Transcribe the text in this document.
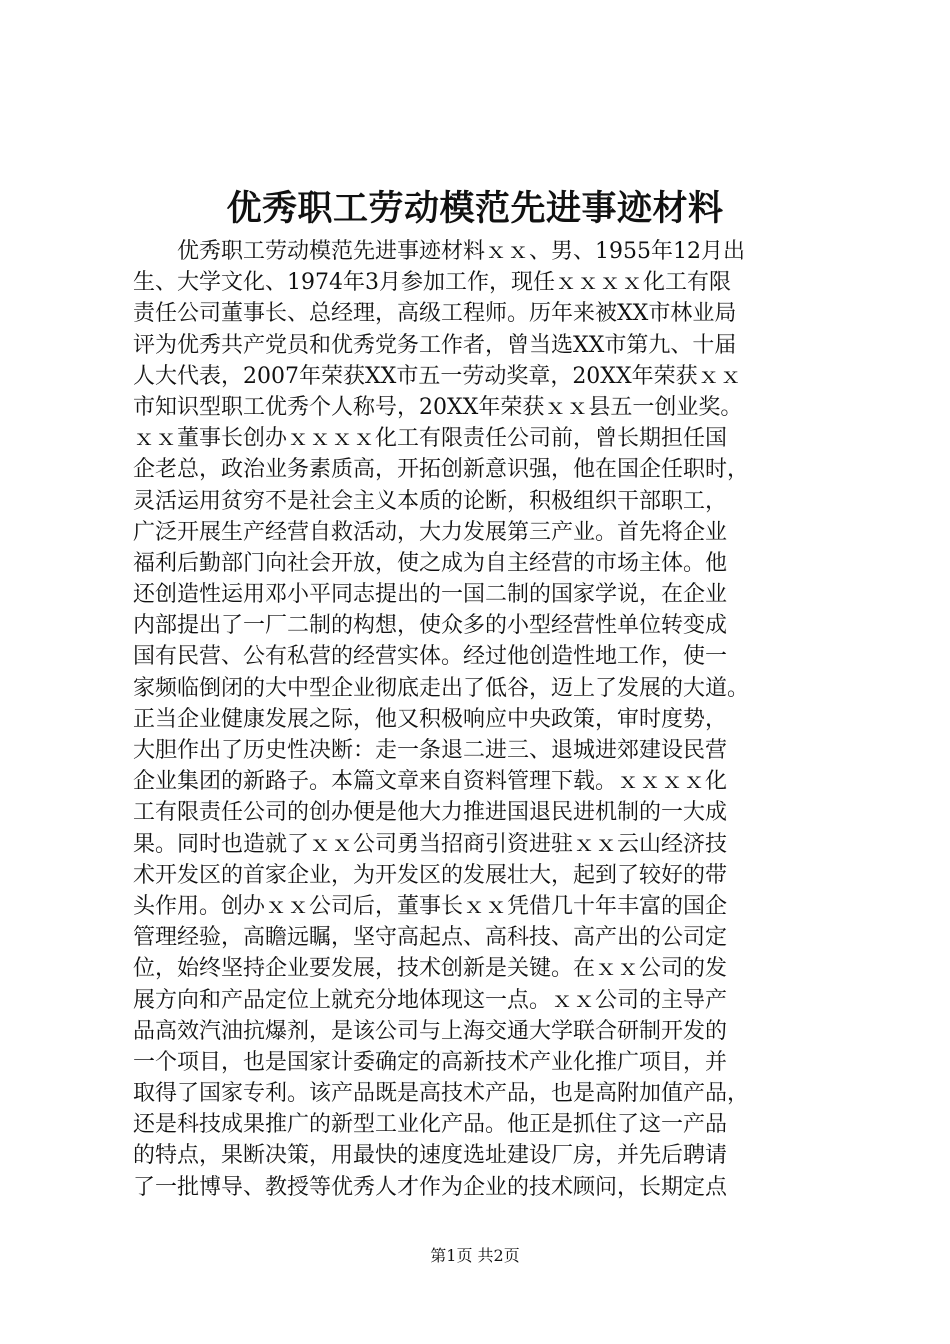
优秀职工劳动模范先进事迹材料
优秀职工劳动模范先进事迹材料ｘｘ、男、1955年12月出
生、大学文化、1974年3月参加工作，现任ｘｘｘｘ化工有限
责任公司董事长、总经理，高级工程师。历年来被XX市林业局
评为优秀共产党员和优秀党务工作者，曾当选XX市第九、十届
人大代表，2007年荣获XX市五一劳动奖章，20XX年荣获ｘｘ
市知识型职工优秀个人称号，20XX年荣获ｘｘ县五一创业奖。
ｘｘ董事长创办ｘｘｘｘ化工有限责任公司前，曾长期担任国
企老总，政治业务素质高，开拓创新意识强，他在国企任职时，
灵活运用贫穷不是社会主义本质的论断，积极组织干部职工，
广泛开展生产经营自救活动，大力发展第三产业。首先将企业
福利后勤部门向社会开放，使之成为自主经营的市场主体。他
还创造性运用邓小平同志提出的一国二制的国家学说，在企业
内部提出了一厂二制的构想，使众多的小型经营性单位转变成
国有民营、公有私营的经营实体。经过他创造性地工作，使一
家频临倒闭的大中型企业彻底走出了低谷，迈上了发展的大道。
正当企业健康发展之际，他又积极响应中央政策，审时度势，
大胆作出了历史性决断：走一条退二进三、退城进郊建设民营
企业集团的新路子。本篇文章来自资料管理下载。ｘｘｘｘ化
工有限责任公司的创办便是他大力推进国退民进机制的一大成
果。同时也造就了ｘｘ公司勇当招商引资进驻ｘｘ云山经济技
术开发区的首家企业，为开发区的发展壮大，起到了较好的带
头作用。创办ｘｘ公司后，董事长ｘｘ凭借几十年丰富的国企
管理经验，高瞻远瞩，坚守高起点、高科技、高产出的公司定
位，始终坚持企业要发展，技术创新是关键。在ｘｘ公司的发
展方向和产品定位上就充分地体现这一点。ｘｘ公司的主导产
品高效汽油抗爆剂，是该公司与上海交通大学联合研制开发的
一个项目，也是国家计委确定的高新技术产业化推广项目，并
取得了国家专利。该产品既是高技术产品，也是高附加值产品，
还是科技成果推广的新型工业化产品。他正是抓住了这一产品
的特点，果断决策，用最快的速度选址建设厂房，并先后聘请
了一批博导、教授等优秀人才作为企业的技术顾问，长期定点
第1页 共2页
